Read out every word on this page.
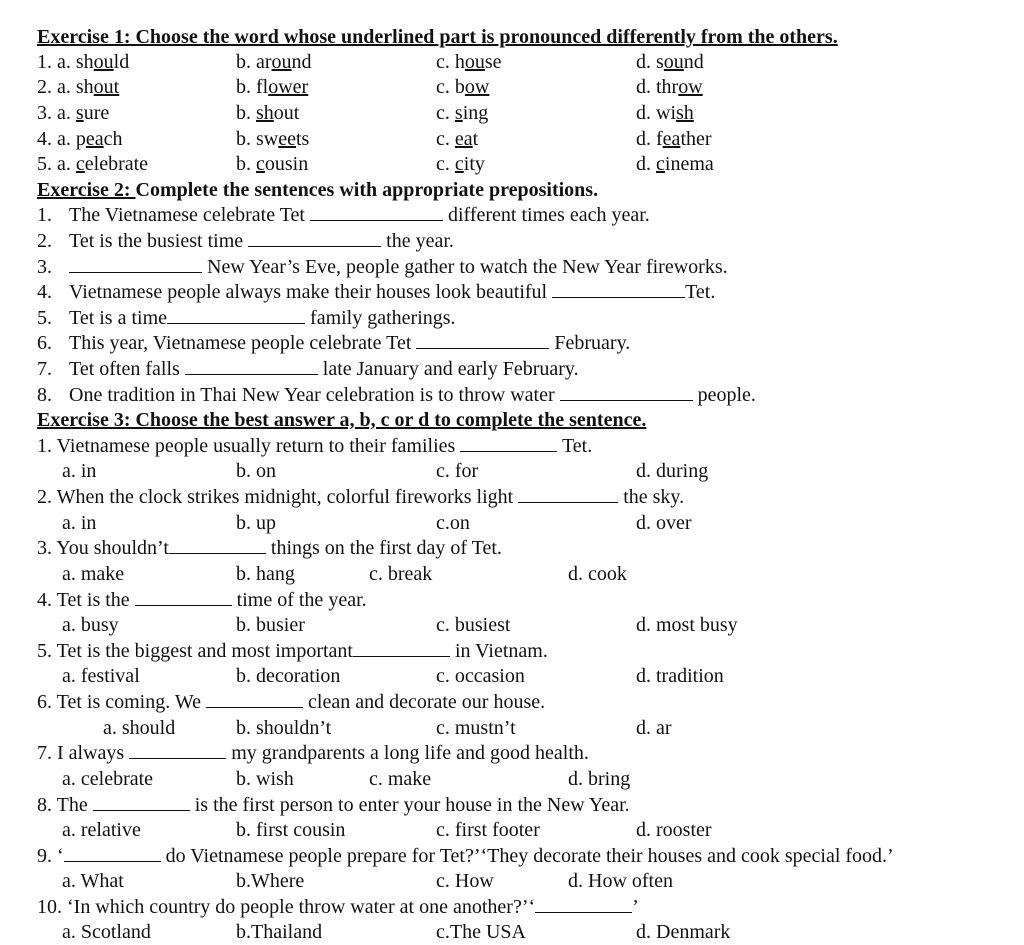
Exercise 1: Choose the word whose underlined part is pronounced differently from the others.
1. a. should	b. around	c. house	d. sound
2. a. shout	b. flower	c. bow	d. throw
3. a. sure	b. shout	c. sing	d. wish
4. a. peach	b. sweets	c. eat	d. feather
5. a. celebrate	b. cousin	c. city	d. cinema
Exercise 2: Complete the sentences with appropriate prepositions.
1. The Vietnamese celebrate Tet	different times each year.
2. Tet is the busiest time	the year.
3.	New Year’s Eve, people gather to watch the New Year fireworks.
4. Vietnamese people always make their houses look beautiful	Tet.
5. Tet is a time	family gatherings.
6. This year, Vietnamese people celebrate Tet	February.
7. Tet often falls	late January and early February.
8. One tradition in Thai New Year celebration is to throw water	people.
Exercise 3: Choose the best answer a, b, c or d to complete the sentence.
1. Vietnamese people usually return to their families	Tet.
a. in	b. on	c. for	d. during
2. When the clock strikes midnight, colorful fireworks light	the sky.
a. in	b. up	c.on	d. over
3. You shouldn’t	things on the first day of Tet.
a. make	b. hang	c. break	d. cook
4. Tet is the	time of the year.
a. busy	b. busier	c. busiest	d. most busy
5. Tet is the biggest and most important	in Vietnam.
a. festival	b. decoration	c. occasion	d. tradition
6. Tet is coming. We	clean and decorate our house.
a. should	b. shouldn’t	c. mustn’t	d. ar
7. I always	my grandparents a long life and good health.
a. celebrate	b. wish	c. make	d. bring
8. The	is the first person to enter your house in the New Year.
a. relative	b. first cousin	c. first footer	d. rooster
9. ‘	do Vietnamese people prepare for Tet?’‘They decorate their houses and cook special food.’
a. What	b.Where	c. How	d. How often
10. ‘In which country do people throw water at one another?’‘	’
a. Scotland	b.Thailand	c.The USA	d. Denmark
